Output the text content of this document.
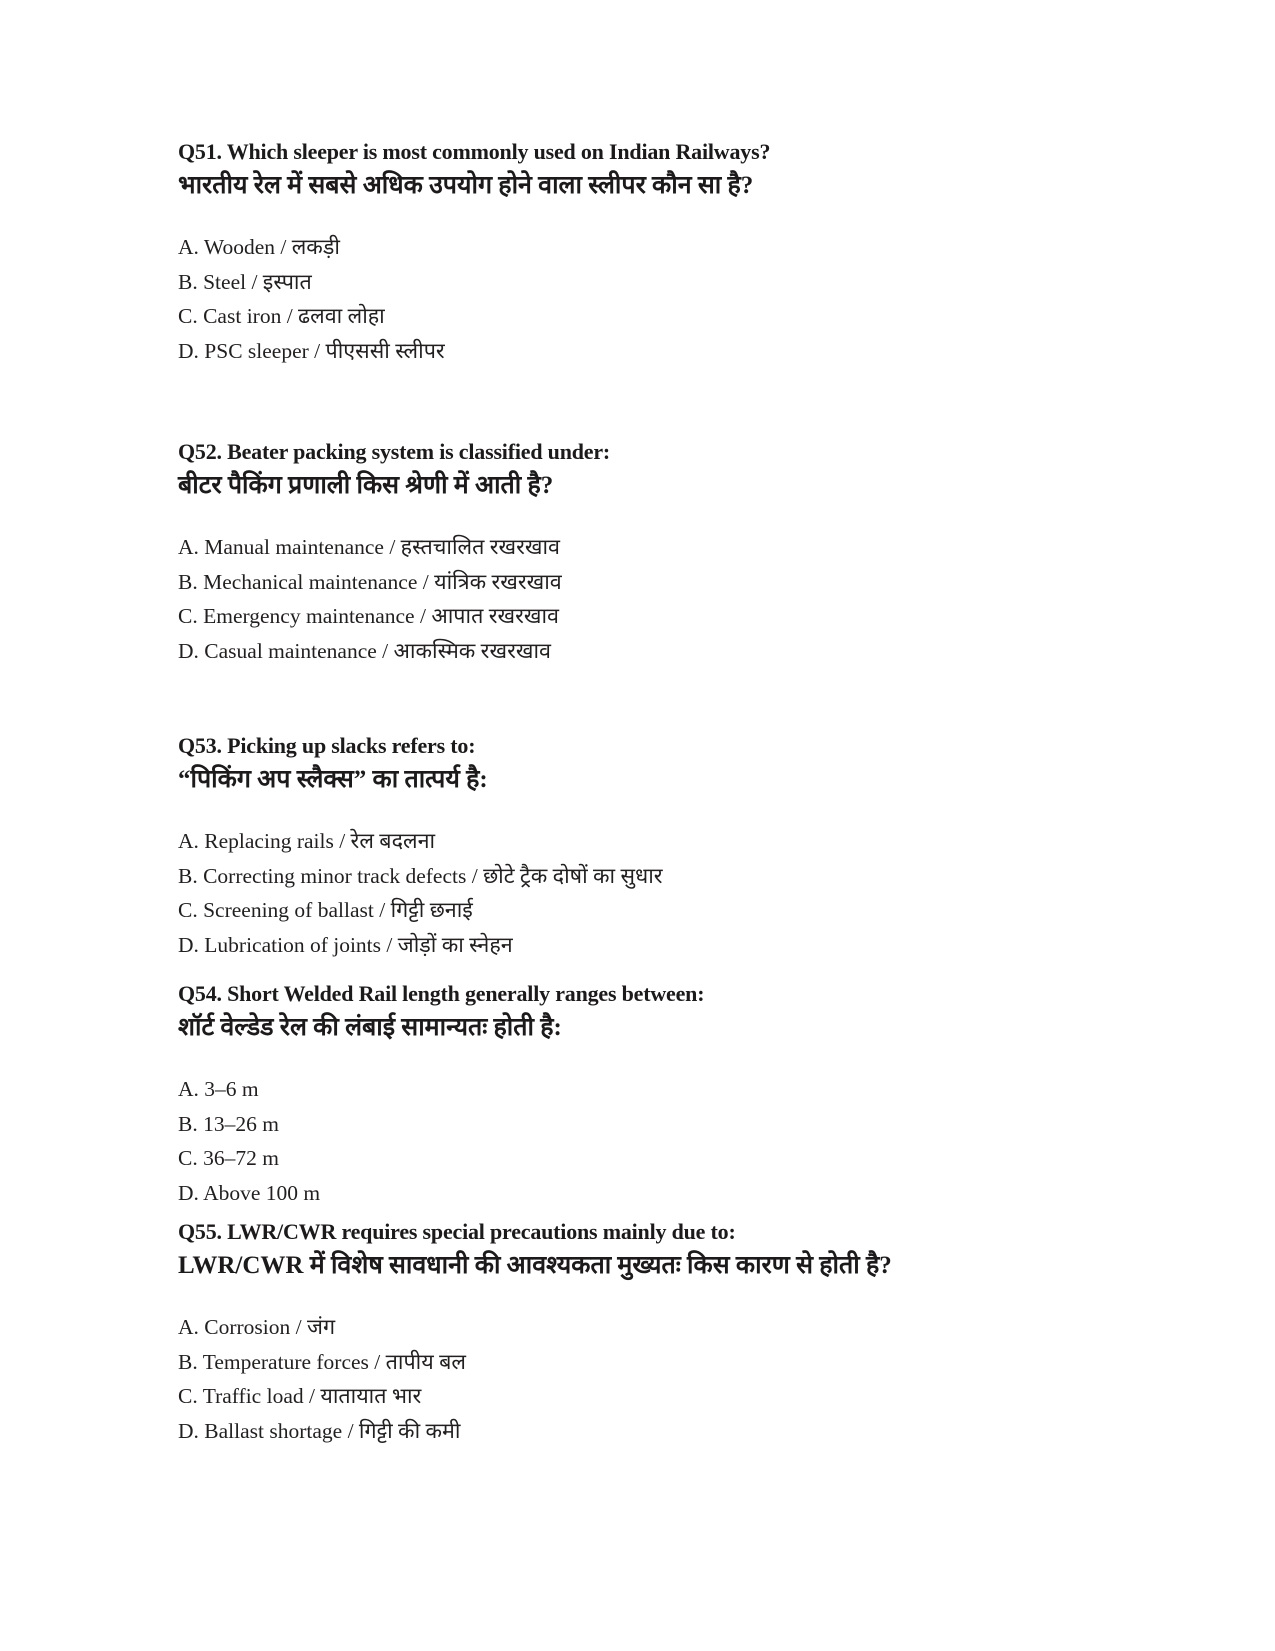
Q51. Which sleeper is most commonly used on Indian Railways?
भारतीय रेल में सबसे अधिक उपयोग होने वाला स्लीपर कौन सा है?
A. Wooden / लकड़ी
B. Steel / इस्पात
C. Cast iron / ढलवा लोहा
D. PSC sleeper / पीएससी स्लीपर
Q52. Beater packing system is classified under:
बीटर पैकिंग प्रणाली किस श्रेणी में आती है?
A. Manual maintenance / हस्तचालित रखरखाव
B. Mechanical maintenance / यांत्रिक रखरखाव
C. Emergency maintenance / आपात रखरखाव
D. Casual maintenance / आकस्मिक रखरखाव
Q53. Picking up slacks refers to:
“पिकिंग अप स्लैक्स” का तात्पर्य है:
A. Replacing rails / रेल बदलना
B. Correcting minor track defects / छोटे ट्रैक दोषों का सुधार
C. Screening of ballast / गिट्टी छनाई
D. Lubrication of joints / जोड़ों का स्नेहन
Q54. Short Welded Rail length generally ranges between:
शॉर्ट वेल्डेड रेल की लंबाई सामान्यतः होती है:
A. 3–6 m
B. 13–26 m
C. 36–72 m
D. Above 100 m
Q55. LWR/CWR requires special precautions mainly due to:
LWR/CWR में विशेष सावधानी की आवश्यकता मुख्यतः किस कारण से होती है?
A. Corrosion / जंग
B. Temperature forces / तापीय बल
C. Traffic load / यातायात भार
D. Ballast shortage / गिट्टी की कमी
